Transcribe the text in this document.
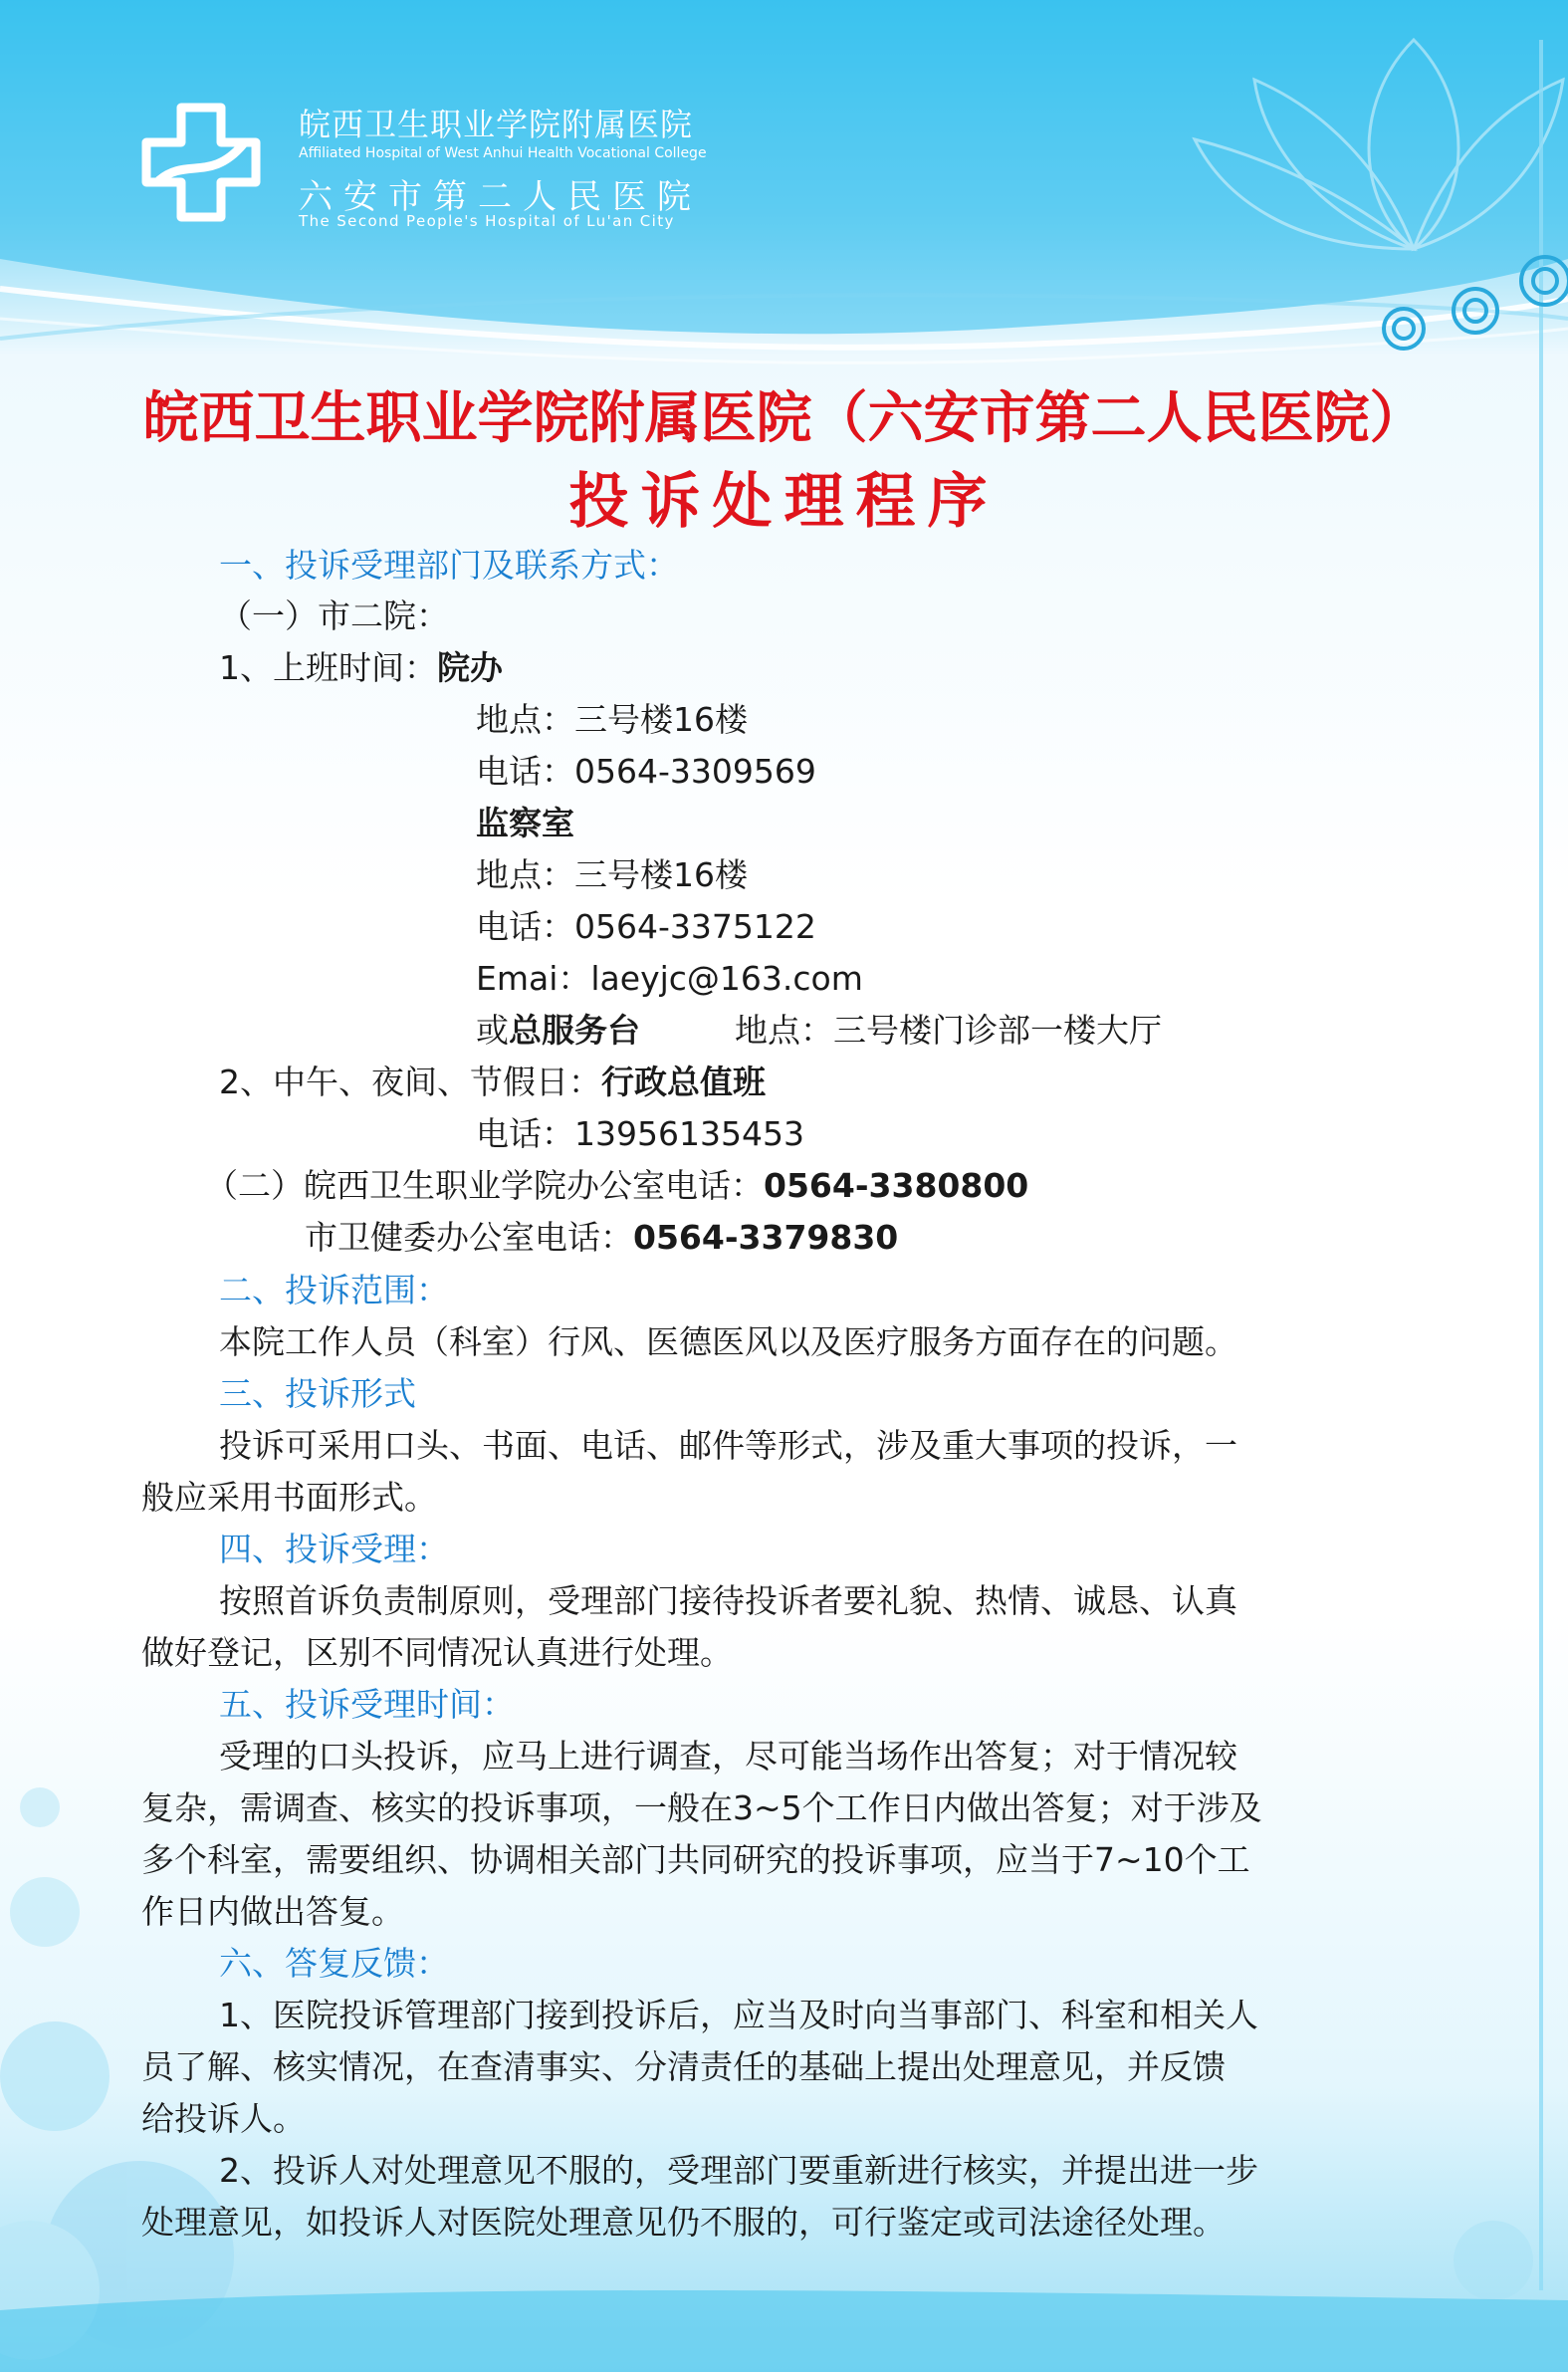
皖西卫生职业学院附属医院
Affiliated Hospital of West Anhui Health Vocational College
六安市第二人民医院
The Second People's Hospital of Lu'an City
皖西卫生职业学院附属医院（六安市第二人民医院）
投诉处理程序
一、投诉受理部门及联系方式：
（一）市二院：
1、上班时间：院办
地点：三号楼16楼
电话：0564-3309569
监察室
地点：三号楼16楼
电话：0564-3375122
Emai：laeyjc@163.com
或总服务台	地点：三号楼门诊部一楼大厅
2、中午、夜间、节假日：行政总值班
电话：13956135453
（二）皖西卫生职业学院办公室电话：0564-3380800
市卫健委办公室电话：0564-3379830
二、投诉范围：
本院工作人员（科室）行风、医德医风以及医疗服务方面存在的问题。
三、投诉形式
投诉可采用口头、书面、电话、邮件等形式，涉及重大事项的投诉，一
般应采用书面形式。
四、投诉受理：
按照首诉负责制原则，受理部门接待投诉者要礼貌、热情、诚恳、认真
做好登记，区别不同情况认真进行处理。
五、投诉受理时间：
受理的口头投诉，应马上进行调查，尽可能当场作出答复；对于情况较
复杂，需调查、核实的投诉事项，一般在3~5个工作日内做出答复；对于涉及
多个科室，需要组织、协调相关部门共同研究的投诉事项，应当于7~10个工
作日内做出答复。
六、答复反馈：
1、医院投诉管理部门接到投诉后，应当及时向当事部门、科室和相关人
员了解、核实情况，在查清事实、分清责任的基础上提出处理意见，并反馈
给投诉人。
2、投诉人对处理意见不服的，受理部门要重新进行核实，并提出进一步
处理意见，如投诉人对医院处理意见仍不服的，可行鉴定或司法途径处理。
